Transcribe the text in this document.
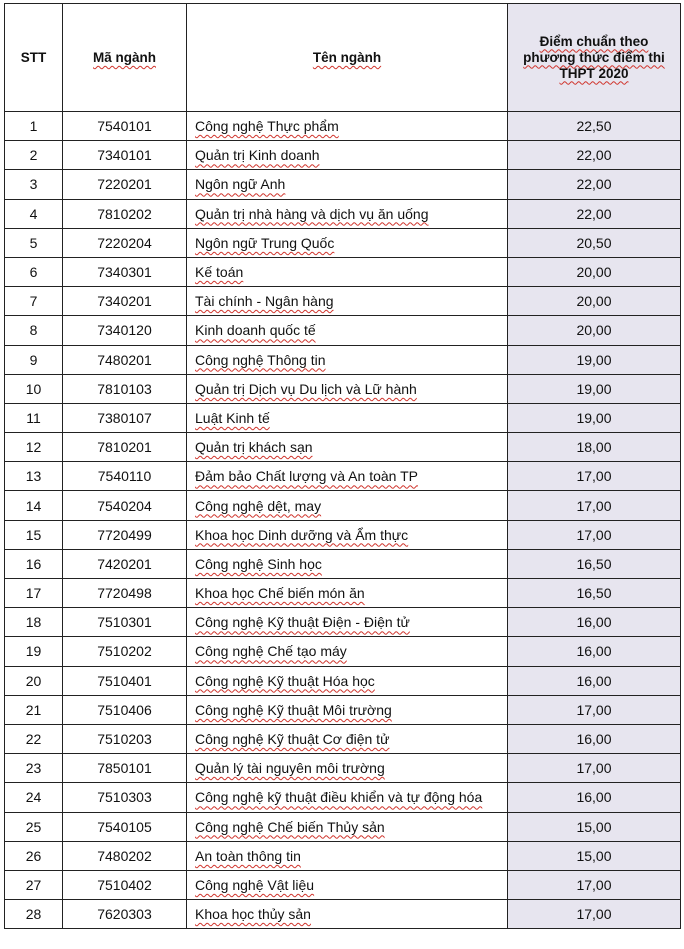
STT	Mã ngành	Tên ngành	Điểm chuẩn theo phương thức điểm thi THPT 2020
1	7540101	Công nghệ Thực phẩm	22,50
2	7340101	Quản trị Kinh doanh	22,00
3	7220201	Ngôn ngữ Anh	22,00
4	7810202	Quản trị nhà hàng và dịch vụ ăn uống	22,00
5	7220204	Ngôn ngữ Trung Quốc	20,50
6	7340301	Kế toán	20,00
7	7340201	Tài chính - Ngân hàng	20,00
8	7340120	Kinh doanh quốc tế	20,00
9	7480201	Công nghệ Thông tin	19,00
10	7810103	Quản trị Dịch vụ Du lịch và Lữ hành	19,00
11	7380107	Luật Kinh tế	19,00
12	7810201	Quản trị khách sạn	18,00
13	7540110	Đảm bảo Chất lượng và An toàn TP	17,00
14	7540204	Công nghệ dệt, may	17,00
15	7720499	Khoa học Dinh dưỡng và Ẩm thực	17,00
16	7420201	Công nghệ Sinh học	16,50
17	7720498	Khoa học Chế biến món ăn	16,50
18	7510301	Công nghệ Kỹ thuật Điện - Điện tử	16,00
19	7510202	Công nghệ Chế tạo máy	16,00
20	7510401	Công nghệ Kỹ thuật Hóa học	16,00
21	7510406	Công nghệ Kỹ thuật Môi trường	17,00
22	7510203	Công nghệ Kỹ thuật Cơ điện tử	16,00
23	7850101	Quản lý tài nguyên môi trường	17,00
24	7510303	Công nghệ kỹ thuật điều khiển và tự động hóa	16,00
25	7540105	Công nghệ Chế biến Thủy sản	15,00
26	7480202	An toàn thông tin	15,00
27	7510402	Công nghệ Vật liệu	17,00
28	7620303	Khoa học thủy sản	17,00
